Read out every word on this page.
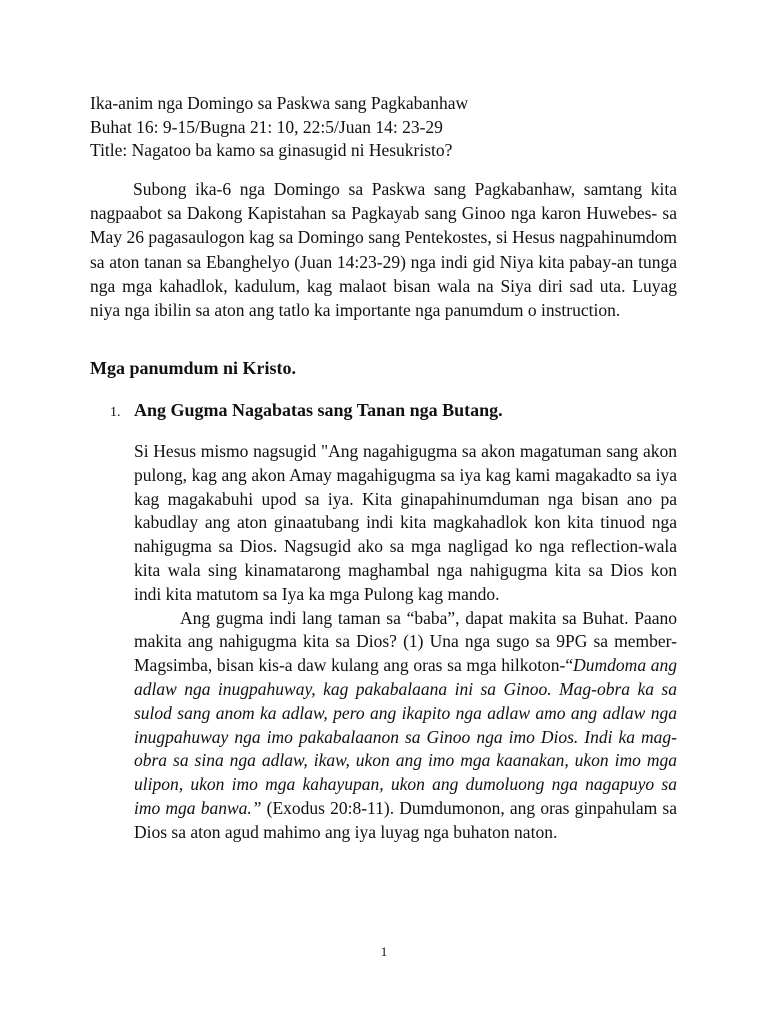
Ika-anim nga Domingo sa Paskwa sang Pagkabanhaw
Buhat 16: 9-15/Bugna 21: 10, 22:5/Juan 14: 23-29
Title: Nagatoo ba kamo sa ginasugid ni Hesukristo?

Subong ika-6 nga Domingo sa Paskwa sang Pagkabanhaw, samtang kita nagpaabot sa Dakong Kapistahan sa Pagkayab sang Ginoo nga karon Huwebes- sa May 26 pagasaulogon kag sa Domingo sang Pentekostes, si Hesus nagpahinumdom sa aton tanan sa Ebanghelyo (Juan 14:23-29) nga indi gid Niya kita pabay-an tunga nga mga kahadlok, kadulum, kag malaot bisan wala na Siya diri sad uta. Luyag niya nga ibilin sa aton ang tatlo ka importante nga panumdum o instruction.

Mga panumdum ni Kristo.
1. Ang Gugma Nagabatas sang Tanan nga Butang.

Si Hesus mismo nagsugid "Ang nagahigugma sa akon magatuman sang akon pulong, kag ang akon Amay magahigugma sa iya kag kami magakadto sa iya kag magakabuhi upod sa iya. Kita ginapahinumduman nga bisan ano pa kabudlay ang aton ginaatubang indi kita magkahadlok kon kita tinuod nga nahigugma sa Dios. Nagsugid ako sa mga nagligad ko nga reflection-wala kita wala sing kinamatarong maghambal nga nahigugma kita sa Dios kon indi kita matutom sa Iya ka mga Pulong kag mando.

Ang gugma indi lang taman sa “baba”, dapat makita sa Buhat. Paano makita ang nahigugma kita sa Dios? (1) Una nga sugo sa 9PG sa member-Magsimba, bisan kis-a daw kulang ang oras sa mga hilkoton-“Dumdoma ang adlaw nga inugpahuway, kag pakabalaana ini sa Ginoo. Mag-obra ka sa sulod sang anom ka adlaw, pero ang ikapito nga adlaw amo ang adlaw nga inugpahuway nga imo pakabalaanon sa Ginoo nga imo Dios. Indi ka mag-obra sa sina nga adlaw, ikaw, ukon ang imo mga kaanakan, ukon imo mga ulipon, ukon imo mga kahayupan, ukon ang dumoluong nga nagapuyo sa imo mga banwa.” (Exodus 20:8-11). Dumdumonon, ang oras ginpahulam sa Dios sa aton agud mahimo ang iya luyag nga buhaton naton.

1
